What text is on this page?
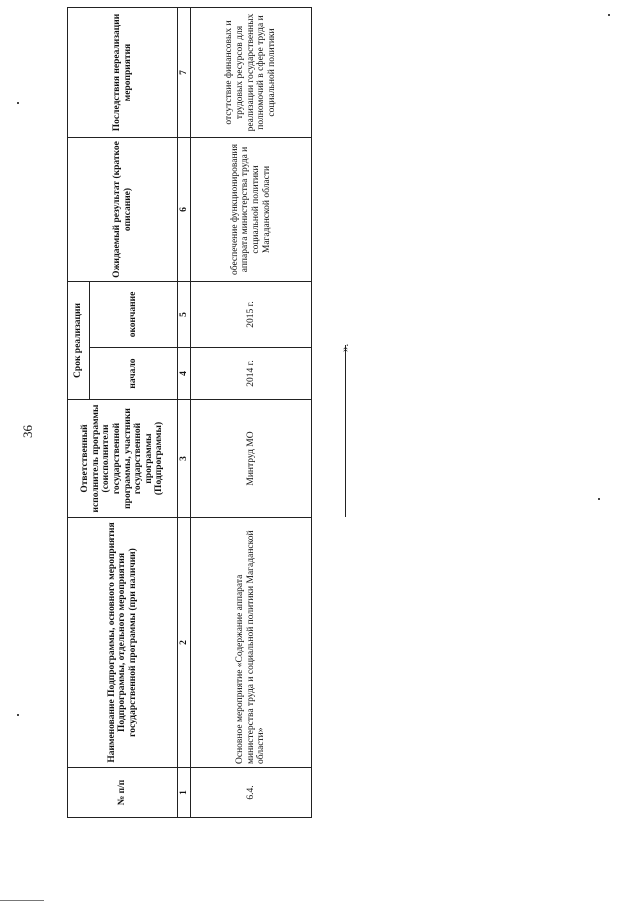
36
№ п/п	Наименование Подпрограммы, основного мероприятия Подпрограммы, отдельного мероприятия государственной программы (при наличии)	Ответственный исполнитель программы (соисполнители государственной программы, участники государственной программы (Подпрограммы)	Срок реализации		Ожидаемый результат (краткое описание)	Последствия нереализации мероприятия
			начало	окончание		
1	2	3	4	5	6	7
6.4.	Основное мероприятие «Содержание аппарата министерства труда и социальной политики Магаданской области»	Минтруд МО	2014 г.	2015 г.	обеспечение функционирования аппарата министерства труда и социальной политики Магаданской области	отсутствие финансовых и трудовых ресурсов для реализации государственных полномочий в сфере труда и социальной политики
».
